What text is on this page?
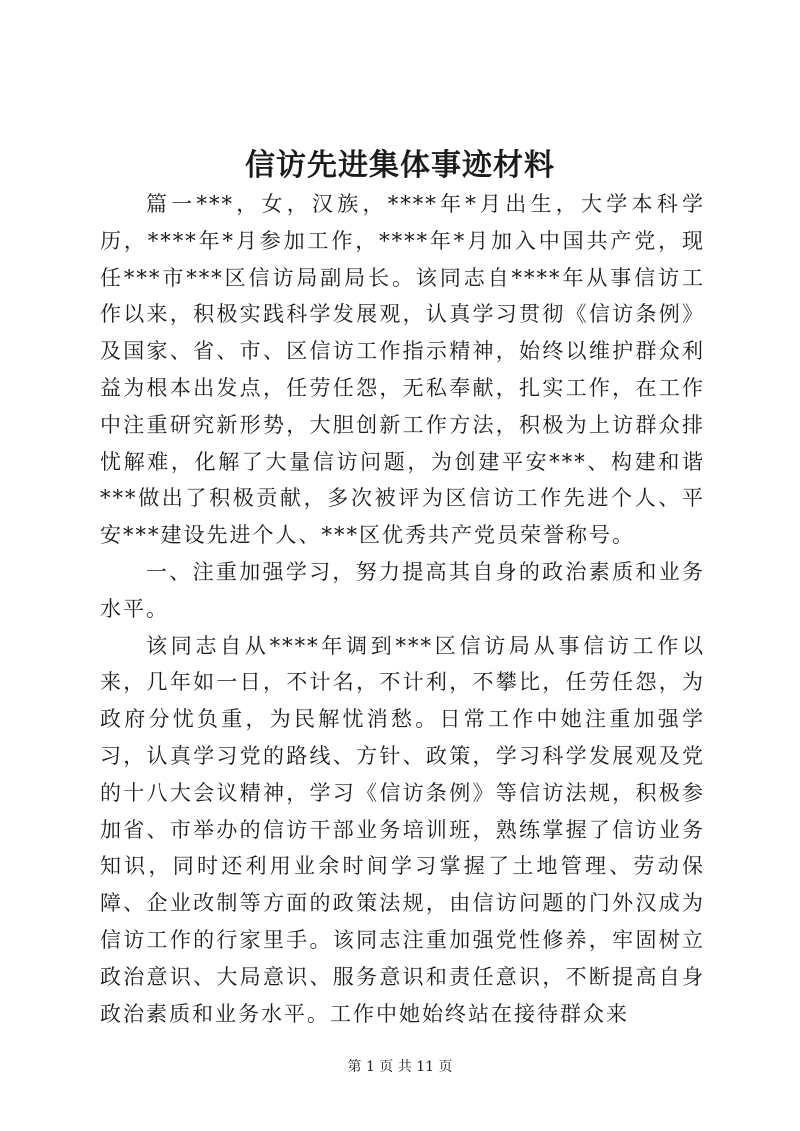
信访先进集体事迹材料

篇一***，女，汉族，****年*月出生，大学本科学历，****年*月参加工作，****年*月加入中国共产党，现任***市***区信访局副局长。该同志自****年从事信访工作以来，积极实践科学发展观，认真学习贯彻《信访条例》及国家、省、市、区信访工作指示精神，始终以维护群众利益为根本出发点，任劳任怨，无私奉献，扎实工作，在工作中注重研究新形势，大胆创新工作方法，积极为上访群众排忧解难，化解了大量信访问题，为创建平安***、构建和谐***做出了积极贡献，多次被评为区信访工作先进个人、平安***建设先进个人、***区优秀共产党员荣誉称号。

一、注重加强学习，努力提高其自身的政治素质和业务水平。

该同志自从****年调到***区信访局从事信访工作以来，几年如一日，不计名，不计利，不攀比，任劳任怨，为政府分忧负重，为民解忧消愁。日常工作中她注重加强学习，认真学习党的路线、方针、政策，学习科学发展观及党的十八大会议精神，学习《信访条例》等信访法规，积极参加省、市举办的信访干部业务培训班，熟练掌握了信访业务知识，同时还利用业余时间学习掌握了土地管理、劳动保障、企业改制等方面的政策法规，由信访问题的门外汉成为信访工作的行家里手。该同志注重加强党性修养，牢固树立政治意识、大局意识、服务意识和责任意识，不断提高自身政治素质和业务水平。工作中她始终站在接待群众来

第 1 页 共 11 页
